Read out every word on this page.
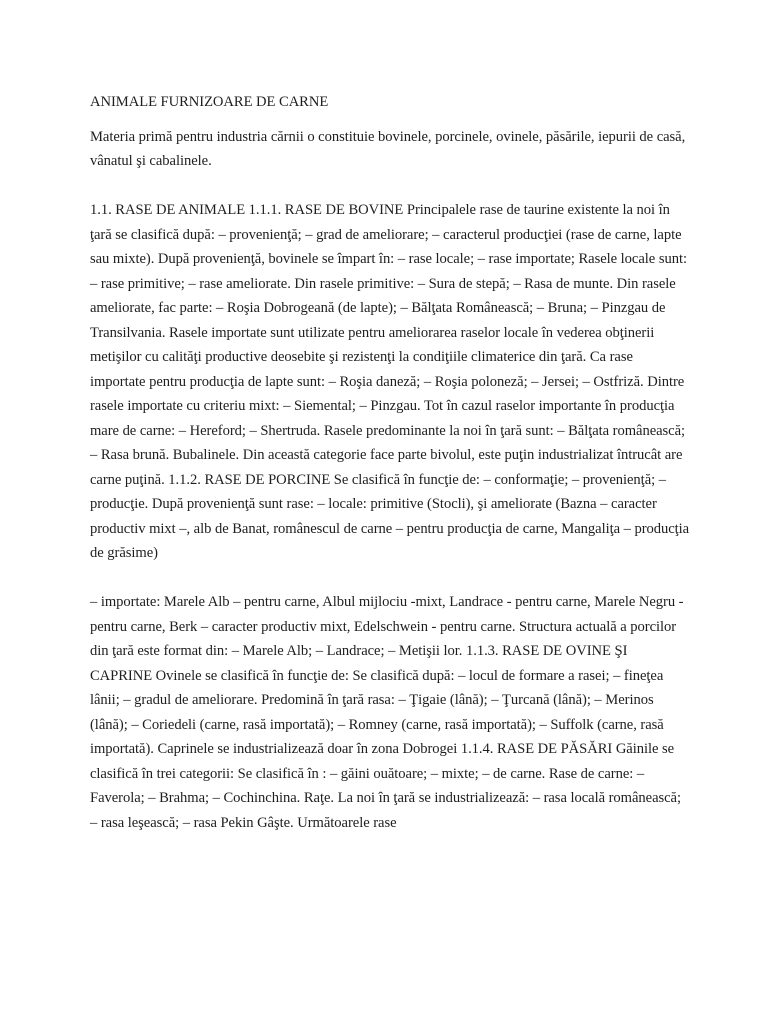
ANIMALE FURNIZOARE DE CARNE

Materia primă pentru industria cărnii o constituie bovinele, porcinele, ovinele, păsările, iepurii de casă, vânatul şi cabalinele.

1.1. RASE DE ANIMALE 1.1.1. RASE DE BOVINE Principalele rase de taurine existente la noi în ţară se clasifică după: – provenienţă; – grad de ameliorare; – caracterul producţiei (rase de carne, lapte sau mixte). După provenienţă, bovinele se împart în: – rase locale; – rase importate; Rasele locale sunt: – rase primitive; – rase ameliorate. Din rasele primitive: – Sura de stepă; – Rasa de munte. Din rasele ameliorate, fac parte: – Roşia Dobrogeană (de lapte); – Bălţata Românească; – Bruna; – Pinzgau de Transilvania. Rasele importate sunt utilizate pentru ameliorarea raselor locale în vederea obţinerii metişilor cu calităţi productive deosebite şi rezistenţi la condiţiile climaterice din ţară. Ca rase importate pentru producţia de lapte sunt: – Roşia daneză; – Roşia poloneză; – Jersei; – Ostfriză. Dintre rasele importate cu criteriu mixt: – Siemental; – Pinzgau. Tot în cazul raselor importante în producţia mare de carne: – Hereford; – Shertruda. Rasele predominante la noi în ţară sunt: – Bălţata românească; – Rasa brună. Bubalinele. Din această categorie face parte bivolul, este puţin industrializat întrucât are carne puţină. 1.1.2. RASE DE PORCINE Se clasifică în funcţie de: – conformaţie; – provenienţă; – producţie. După provenienţă sunt rase: – locale: primitive (Stocli), şi ameliorate (Bazna – caracter productiv mixt –, alb de Banat, românescul de carne – pentru producţia de carne, Mangaliţa – producţia de grăsime)

– importate: Marele Alb – pentru carne, Albul mijlociu -mixt, Landrace - pentru carne, Marele Negru - pentru carne, Berk – caracter productiv mixt, Edelschwein - pentru carne. Structura actuală a porcilor din ţară este format din: – Marele Alb; – Landrace; – Metişii lor. 1.1.3. RASE DE OVINE ŞI CAPRINE Ovinele se clasifică în funcţie de: Se clasifică după: – locul de formare a rasei; – fineţea lânii; – gradul de ameliorare. Predomină în ţară rasa: – Ţigaie (lână); – Ţurcană (lână); – Merinos (lână); – Coriedeli (carne, rasă importată); – Romney (carne, rasă importată); – Suffolk (carne, rasă importată). Caprinele se industrializează doar în zona Dobrogei 1.1.4. RASE DE PĂSĂRI Găinile se clasifică în trei categorii: Se clasifică în : – găini ouătoare; – mixte; – de carne. Rase de carne: – Faverola; – Brahma; – Cochinchina. Raţe. La noi în ţară se industrializează: – rasa locală românească; – rasa leşească; – rasa Pekin Gâşte. Următoarele rase
